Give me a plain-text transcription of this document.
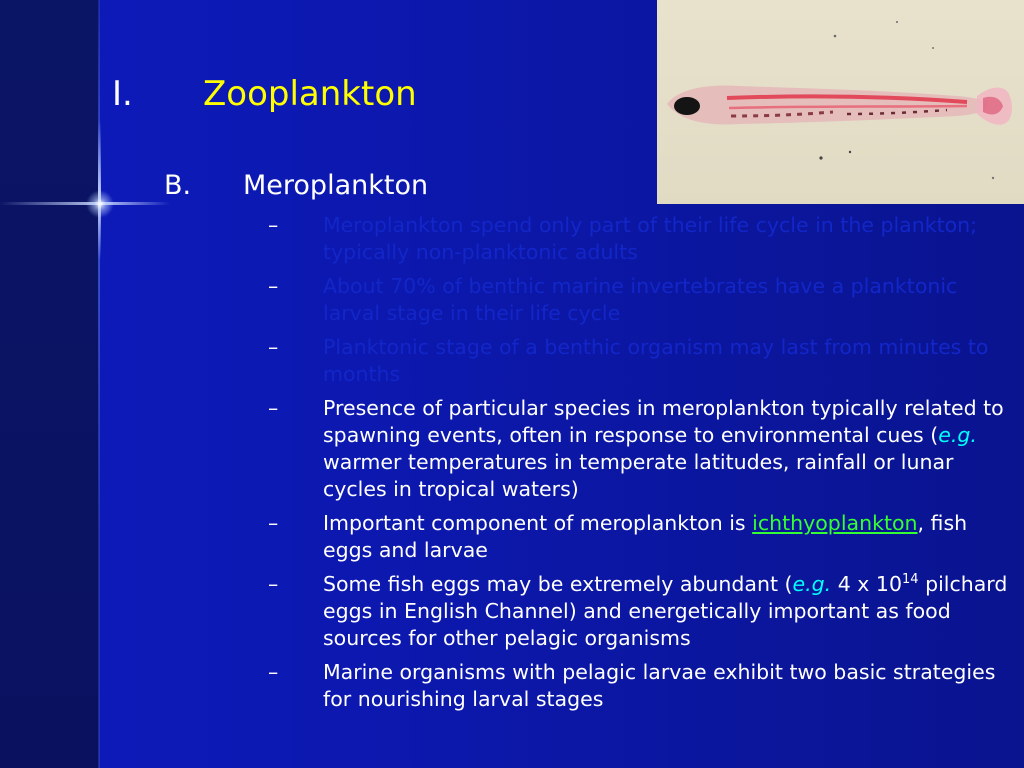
I. Zooplankton
B. Meroplankton
–	Meroplankton spend only part of their life cycle in the plankton; typically non-planktonic adults
–	About 70% of benthic marine invertebrates have a planktonic larval stage in their life cycle
–	Planktonic stage of a benthic organism may last from minutes to months
–	Presence of particular species in meroplankton typically related to spawning events, often in response to environmental cues (e.g. warmer temperatures in temperate latitudes, rainfall or lunar cycles in tropical waters)
–	Important component of meroplankton is ichthyoplankton, fish eggs and larvae
–	Some fish eggs may be extremely abundant (e.g. 4 x $10^{14}$ pilchard eggs in English Channel) and energetically important as food sources for other pelagic organisms
–	Marine organisms with pelagic larvae exhibit two basic strategies for nourishing larval stages
